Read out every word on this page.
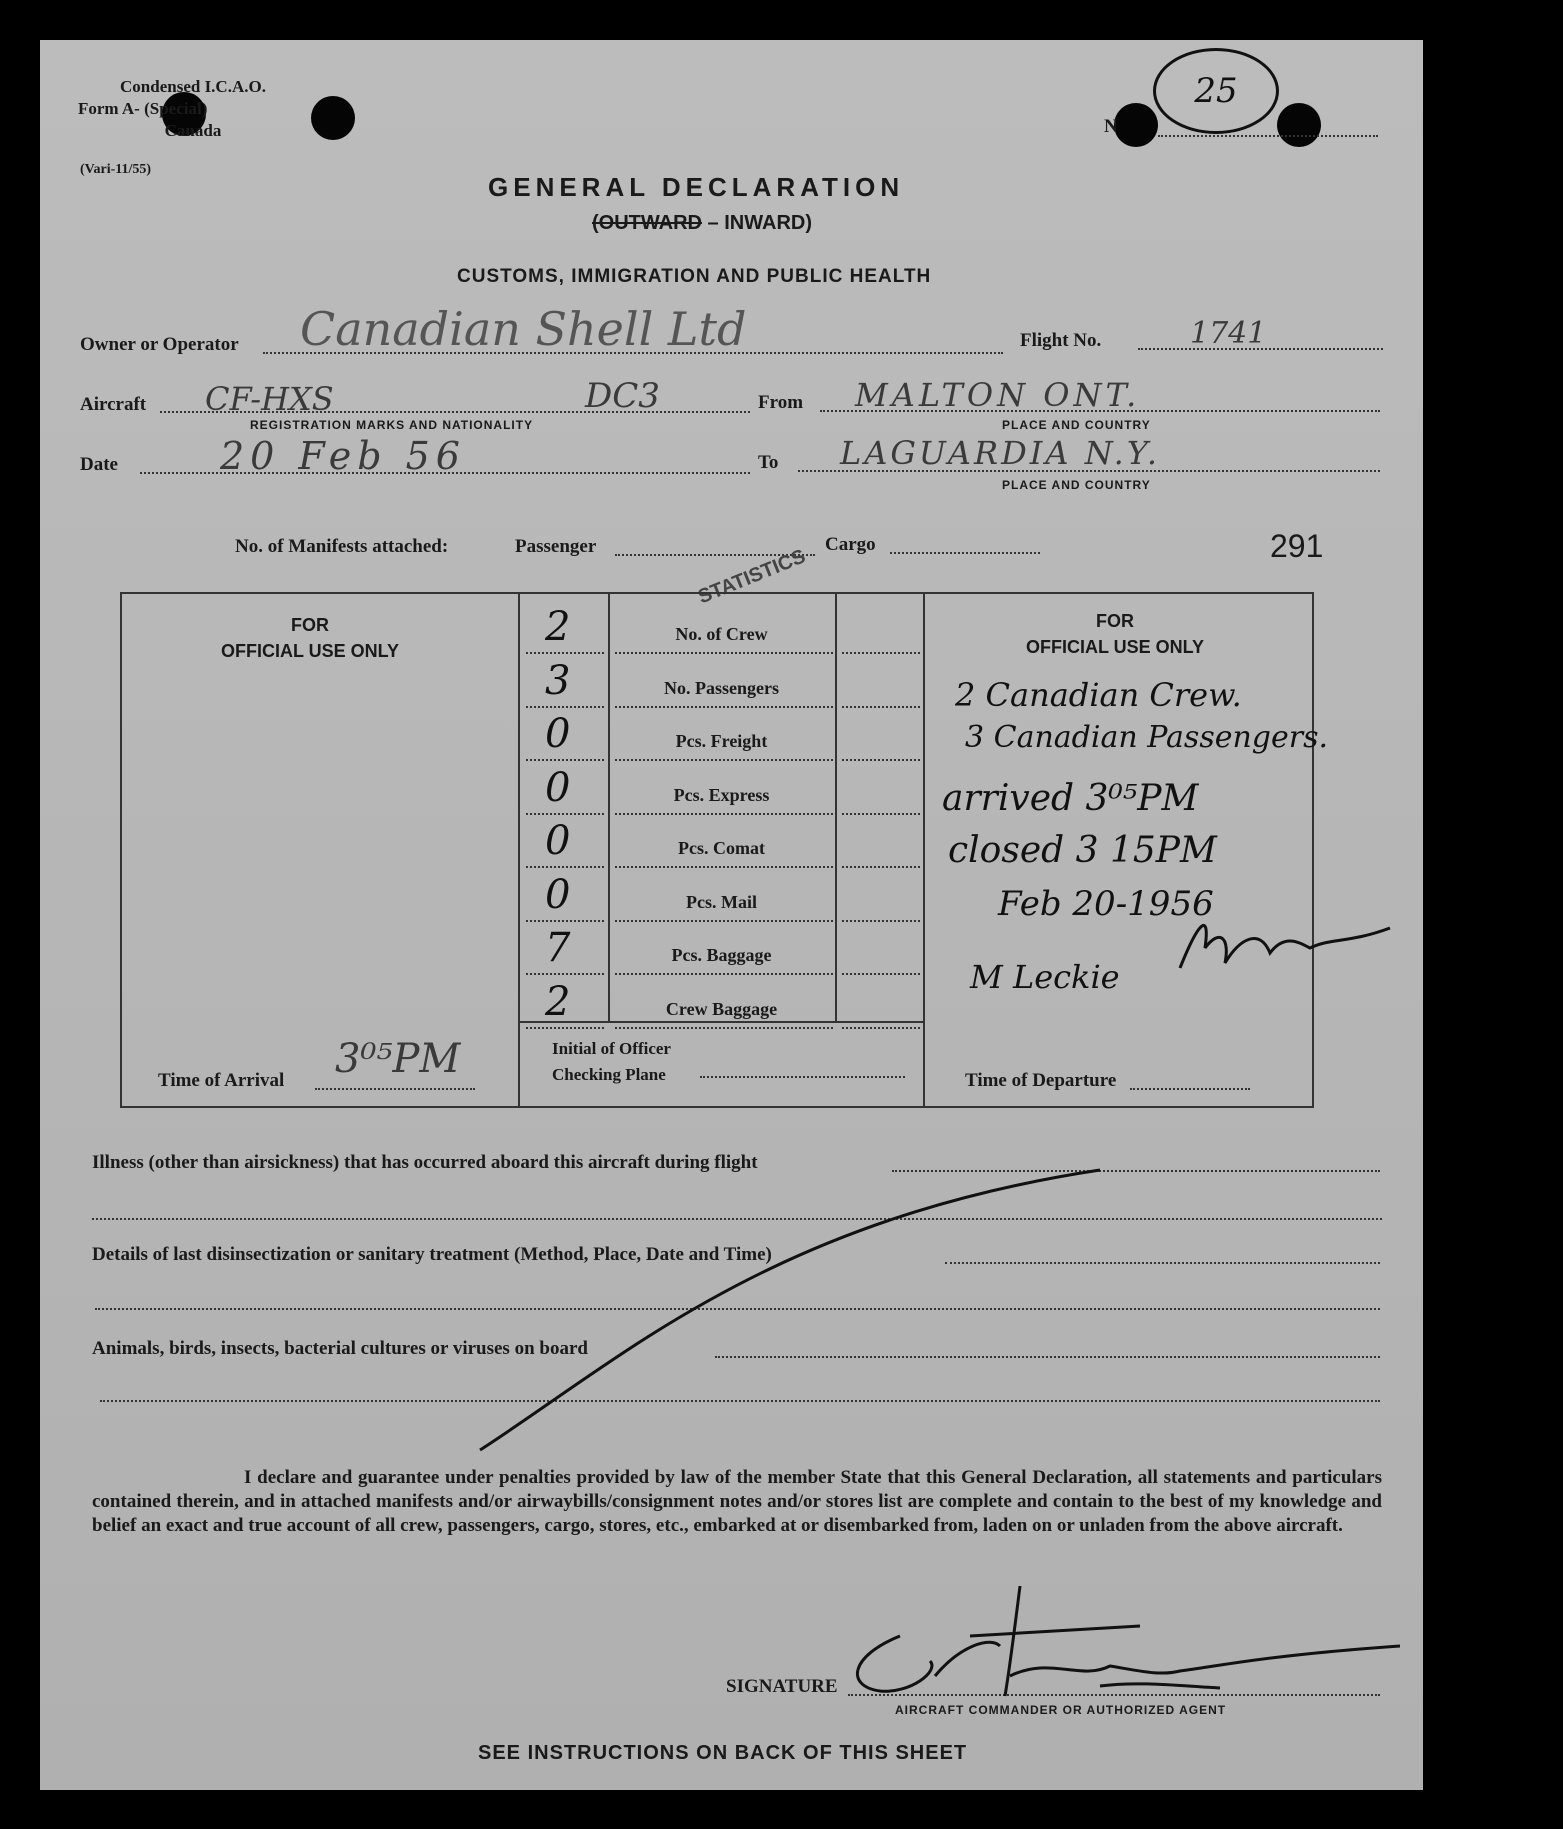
Condensed I.C.A.O.
Form A- (Special)
Canada
(Vari-11/55)
25
N
GENERAL DECLARATION
(OUTWARD – INWARD)
CUSTOMS, IMMIGRATION AND PUBLIC HEALTH
Owner or Operator Canadian Shell Ltd	Flight No.	1741
Aircraft CF-HXS	DC3
REGISTRATION MARKS AND NATIONALITY
From MALTON ONT.
PLACE AND COUNTRY
Date	20 Feb 56	To LAGUARDIA N.Y.
PLACE AND COUNTRY
No. of Manifests attached:	Passenger	Cargo
STATISTICS	291
FOR
OFFICIAL USE ONLY
Time of Arrival 3⁰⁵PM	Initial of Officer
Checking Plane
FOR
OFFICIAL USE ONLY
2 Canadian Crew.
3 Canadian Passengers.
arrived 3⁰⁵PM
closed 3 15PM
Feb 20-1956
M Leckie
Time of Departure
Illness (other than airsickness) that has occurred aboard this aircraft during flight
Details of last disinsectization or sanitary treatment (Method, Place, Date and Time)
Animals, birds, insects, bacterial cultures or viruses on board
I declare and guarantee under penalties provided by law of the member State that this General Declaration, all statements and particulars contained therein, and in attached manifests and/or airwaybills/consignment notes and/or stores list are complete and contain to the best of my knowledge and belief an exact and true account of all crew, passengers, cargo, stores, etc., embarked at or disembarked from, laden on or unladen from the above aircraft.
SIGNATURE
AIRCRAFT COMMANDER OR AUTHORIZED AGENT
SEE INSTRUCTIONS ON BACK OF THIS SHEET
2	No. of Crew
3	No. Passengers
0	Pcs. Freight
0	Pcs. Express
0	Pcs. Comat
0	Pcs. Mail
7	Pcs. Baggage
2	Crew Baggage
